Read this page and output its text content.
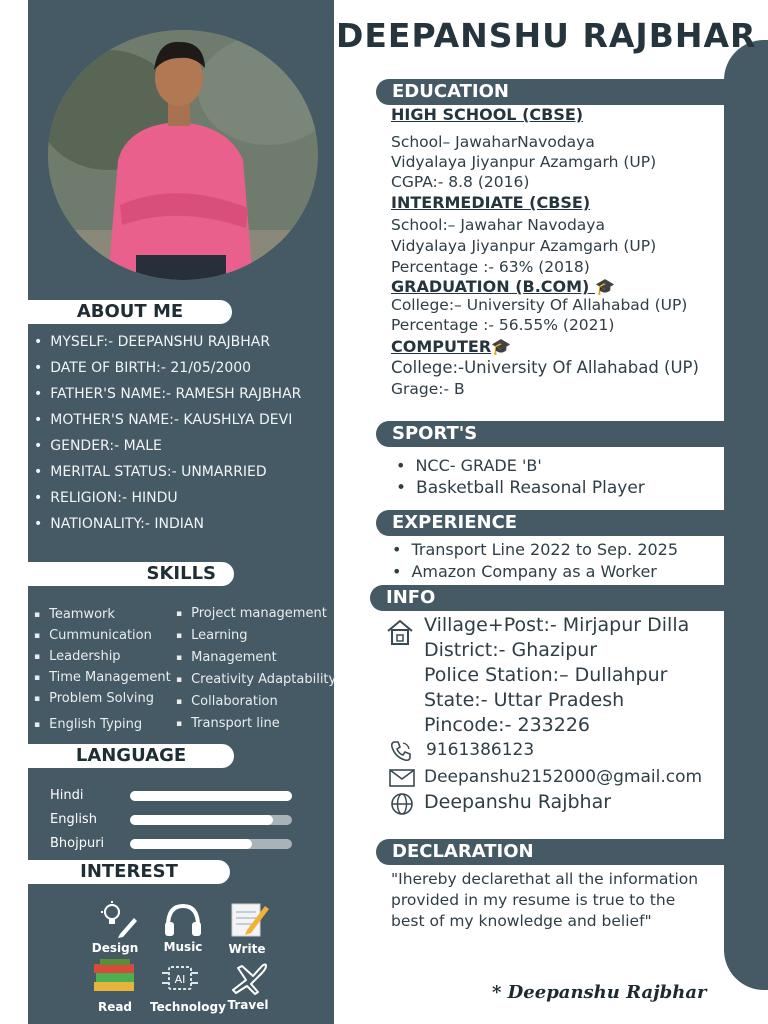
ABOUT ME
• MYSELF:- DEEPANSHU RAJBHAR
• DATE OF BIRTH:- 21/05/2000
• FATHER'S NAME:- RAMESH RAJBHAR
• MOTHER'S NAME:- KAUSHLYA DEVI
• GENDER:- MALE
• MERITAL STATUS:- UNMARRIED
• RELIGION:- HINDU
• NATIONALITY:- INDIAN
SKILLS
▪ Teamwork
▪ Cummunication
▪ Leadership
▪ Time Management
▪ Problem Solving
▪ English Typing
▪ Project management
▪ Learning
▪ Management
▪ Creativity Adaptability
▪ Collaboration
▪ Transport line
LANGUAGE
Hindi
English
Bhojpuri
INTEREST
Design	Music	Write
Read
AI
Technology Travel
DEEPANSHU RAJBHAR
EDUCATION
HIGH SCHOOL (CBSE)
School– JawaharNavodaya
Vidyalaya Jiyanpur Azamgarh (UP)
CGPA:- 8.8 (2016)
INTERMEDIATE (CBSE)
School:– Jawahar Navodaya
Vidyalaya Jiyanpur Azamgarh (UP)
Percentage :- 63% (2018)
GRADUATION (B.COM) 🎓
College:– University Of Allahabad (UP)
Percentage :- 56.55% (2021)
COMPUTER🎓
College:-University Of Allahabad (UP)
Grage:- B
SPORT'S
• NCC- GRADE 'B'
• Basketball Reasonal Player
EXPERIENCE
• Transport Line 2022 to Sep. 2025
• Amazon Company as a Worker
INFO
Village+Post:- Mirjapur Dilla
District:- Ghazipur
Police Station:– Dullahpur
State:- Uttar Pradesh
Pincode:- 233226
9161386123
Deepanshu2152000@gmail.com
Deepanshu Rajbhar
DECLARATION
"Ihereby declarethat all the information
provided in my resume is true to the
best of my knowledge and belief"
* Deepanshu Rajbhar
